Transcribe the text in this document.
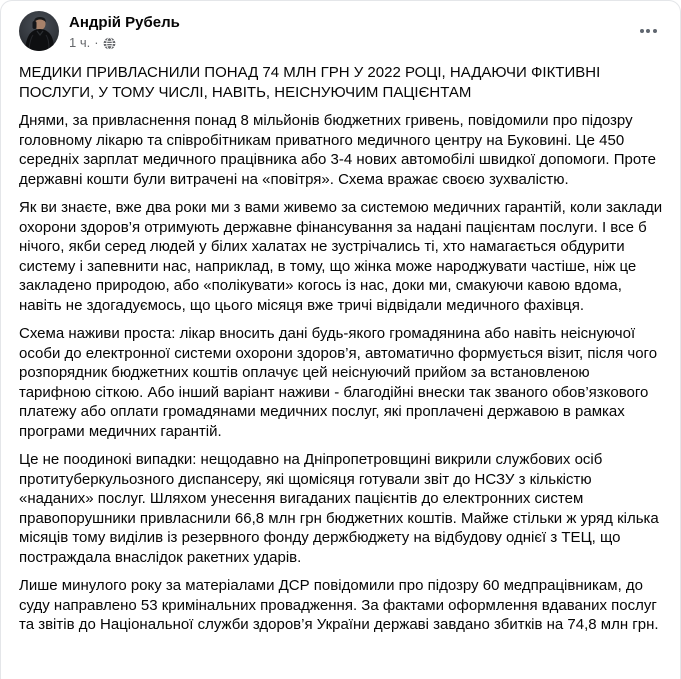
Андрій Рубель
1 ч. ·
МЕДИКИ ПРИВЛАСНИЛИ ПОНАД 74 МЛН ГРН У 2022 РОЦІ, НАДАЮЧИ ФІКТИВНІ ПОСЛУГИ, У ТОМУ ЧИСЛІ, НАВІТЬ, НЕІСНУЮЧИМ ПАЦІЄНТАМ

Днями, за привласнення понад 8 мільйонів бюджетних гривень, повідомили про підозру головному лікарю та співробітникам приватного медичного центру на Буковині. Це 450 середніх зарплат медичного працівника або 3-4 нових автомобілі швидкої допомоги. Проте державні кошти були витрачені на «повітря». Схема вражає своєю зухвалістю.

Як ви знаєте, вже два роки ми з вами живемо за системою медичних гарантій, коли заклади охорони здоров’я отримують державне фінансування за надані пацієнтам послуги. І все б нічого, якби серед людей у білих халатах не зустрічались ті, хто намагається обдурити систему і запевнити нас, наприклад, в тому, що жінка може народжувати частіше, ніж це закладено природою, або «полікувати» когось із нас, доки ми, смакуючи кавою вдома, навіть не здогадуємось, що цього місяця вже тричі відвідали медичного фахівця.

Схема наживи проста: лікар вносить дані будь-якого громадянина або навіть неіснуючої особи до електронної системи охорони здоров’я, автоматично формується візит, після чого розпорядник бюджетних коштів оплачує цей неіснуючий прийом за встановленою тарифною сіткою. Або інший варіант наживи - благодійні внески так званого обов’язкового платежу або оплати громадянами медичних послуг, які проплачені державою в рамках програми медичних гарантій.

Це не поодинокі випадки: нещодавно на Дніпропетровщині викрили службових осіб протитуберкульозного диспансеру, які щомісяця готували звіт до НСЗУ з кількістю «наданих» послуг. Шляхом унесення вигаданих пацієнтів до електронних систем правопорушники привласнили 66,8 млн грн бюджетних коштів. Майже стільки ж уряд кілька місяців тому виділив із резервного фонду держбюджету на відбудову однієї з ТЕЦ, що постраждала внаслідок ракетних ударів.

Лише минулого року за матеріалами ДСР повідомили про підозру 60 медпрацівникам, до суду направлено 53 кримінальних провадження. За фактами оформлення вдаваних послуг та звітів до Національної служби здоров’я України державі завдано збитків на 74,8 млн грн.
